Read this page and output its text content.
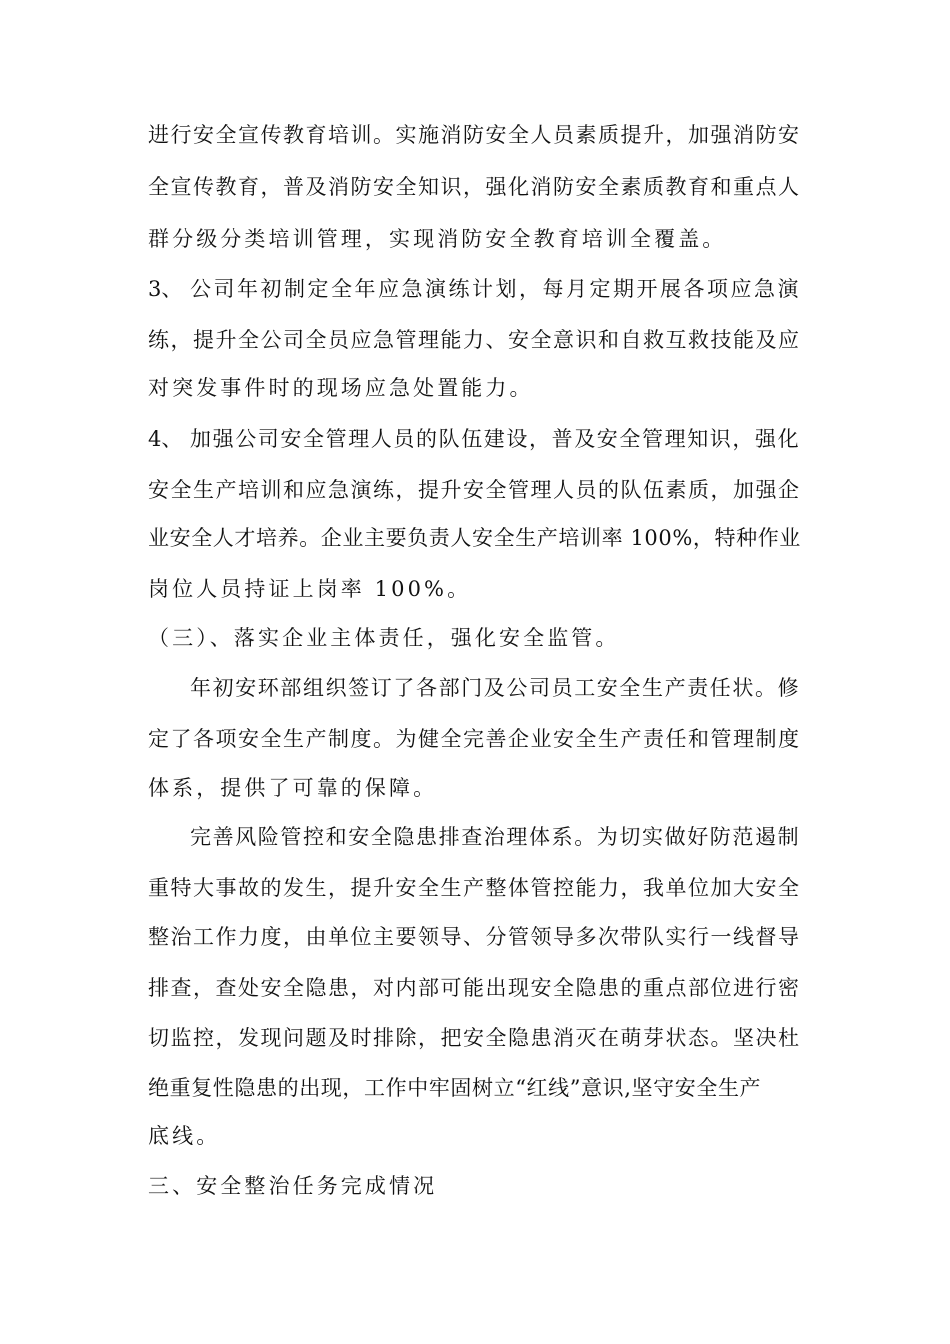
进行安全宣传教育培训。实施消防安全人员素质提升，加强消防安
全宣传教育，普及消防安全知识，强化消防安全素质教育和重点人
群分级分类培训管理，实现消防安全教育培训全覆盖。
3、 公司年初制定全年应急演练计划，每月定期开展各项应急演
练，提升全公司全员应急管理能力、安全意识和自救互救技能及应
对突发事件时的现场应急处置能力。
4、 加强公司安全管理人员的队伍建设，普及安全管理知识，强化
安全生产培训和应急演练，提升安全管理人员的队伍素质，加强企
业安全人才培养。企业主要负责人安全生产培训率 100%，特种作业
岗位人员持证上岗率 100%。
（三）、落实企业主体责任，强化安全监管。
年初安环部组织签订了各部门及公司员工安全生产责任状。修
定了各项安全生产制度。为健全完善企业安全生产责任和管理制度
体系，提供了可靠的保障。
完善风险管控和安全隐患排查治理体系。为切实做好防范遏制
重特大事故的发生，提升安全生产整体管控能力，我单位加大安全
整治工作力度，由单位主要领导、分管领导多次带队实行一线督导
排查，查处安全隐患，对内部可能出现安全隐患的重点部位进行密
切监控，发现问题及时排除，把安全隐患消灭在萌芽状态。坚决杜
绝重复性隐患的出现，工作中牢固树立“红线”意识,坚守安全生产
底线。
三、安全整治任务完成情况
